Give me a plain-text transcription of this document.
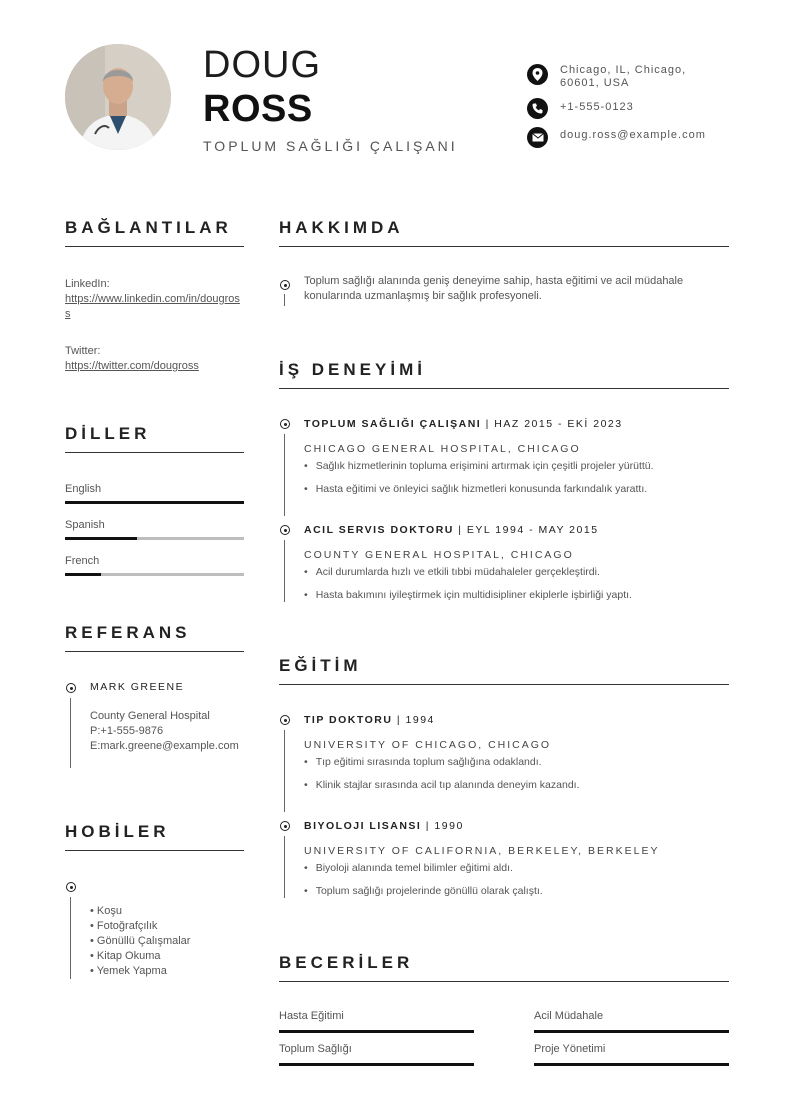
DOUG
ROSS
TOPLUM SAĞLIĞI ÇALIŞANI
Chicago, IL, Chicago, 60601, USA
+1-555-0123
doug.ross@example.com
BAĞLANTILAR
LinkedIn:
https://www.linkedin.com/in/dougross
Twitter:
https://twitter.com/dougross
DİLLER
English
Spanish
French
REFERANS
MARK GREENE
County General Hospital
P:+1-555-9876
E:mark.greene@example.com
HOBİLER
• Koşu
• Fotoğrafçılık
• Gönüllü Çalışmalar
• Kitap Okuma
• Yemek Yapma
HAKKIMDA
Toplum sağlığı alanında geniş deneyime sahip, hasta eğitimi ve acil müdahale konularında uzmanlaşmış bir sağlık profesyoneli.
İŞ DENEYİMİ
TOPLUM SAĞLIĞI ÇALIŞANI | HAZ 2015 - EKİ 2023
CHICAGO GENERAL HOSPITAL, CHICAGO
• Sağlık hizmetlerinin topluma erişimini artırmak için çeşitli projeler yürüttü.
• Hasta eğitimi ve önleyici sağlık hizmetleri konusunda farkındalık yarattı.
ACIL SERVIS DOKTORU | EYL 1994 - MAY 2015
COUNTY GENERAL HOSPITAL, CHICAGO
• Acil durumlarda hızlı ve etkili tıbbi müdahaleler gerçekleştirdi.
• Hasta bakımını iyileştirmek için multidisipliner ekiplerle işbirliği yaptı.
EĞİTİM
TIP DOKTORU | 1994
UNIVERSITY OF CHICAGO, CHICAGO
• Tıp eğitimi sırasında toplum sağlığına odaklandı.
• Klinik stajlar sırasında acil tıp alanında deneyim kazandı.
BIYOLOJI LISANSI | 1990
UNIVERSITY OF CALIFORNIA, BERKELEY, BERKELEY
• Biyoloji alanında temel bilimler eğitimi aldı.
• Toplum sağlığı projelerinde gönüllü olarak çalıştı.
BECERİLER
Hasta Eğitimi	Acil Müdahale
Toplum Sağlığı	Proje Yönetimi
